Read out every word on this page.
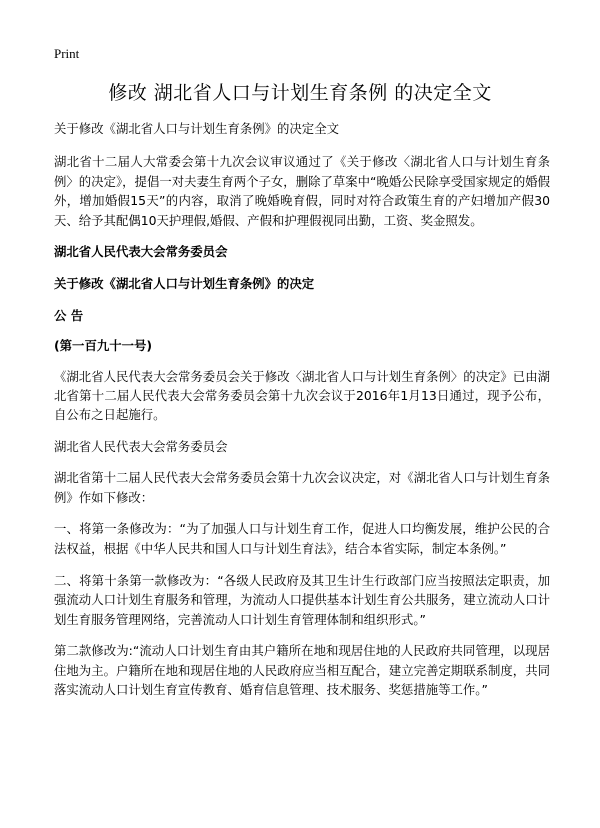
Print
修改 湖北省人口与计划生育条例 的决定全文

关于修改《湖北省人口与计划生育条例》的决定全文

湖北省十二届人大常委会第十九次会议审议通过了《关于修改〈湖北省人口与计划生育条例〉的决定》，提倡一对夫妻生育两个子女，删除了草案中“晚婚公民除享受国家规定的婚假外，增加婚假15天”的内容，取消了晚婚晚育假，同时对符合政策生育的产妇增加产假30天、给予其配偶10天护理假,婚假、产假和护理假视同出勤，工资、奖金照发。

湖北省人民代表大会常务委员会

关于修改《湖北省人口与计划生育条例》的决定

公 告

(第一百九十一号)

《湖北省人民代表大会常务委员会关于修改〈湖北省人口与计划生育条例〉的决定》已由湖北省第十二届人民代表大会常务委员会第十九次会议于2016年1月13日通过，现予公布，自公布之日起施行。

湖北省人民代表大会常务委员会

湖北省第十二届人民代表大会常务委员会第十九次会议决定，对《湖北省人口与计划生育条例》作如下修改：

一、将第一条修改为：“为了加强人口与计划生育工作，促进人口均衡发展，维护公民的合法权益，根据《中华人民共和国人口与计划生育法》，结合本省实际，制定本条例。”

二、将第十条第一款修改为：“各级人民政府及其卫生计生行政部门应当按照法定职责，加强流动人口计划生育服务和管理，为流动人口提供基本计划生育公共服务，建立流动人口计划生育服务管理网络，完善流动人口计划生育管理体制和组织形式。”

第二款修改为:“流动人口计划生育由其户籍所在地和现居住地的人民政府共同管理，以现居住地为主。户籍所在地和现居住地的人民政府应当相互配合，建立完善定期联系制度，共同落实流动人口计划生育宣传教育、婚育信息管理、技术服务、奖惩措施等工作。”
